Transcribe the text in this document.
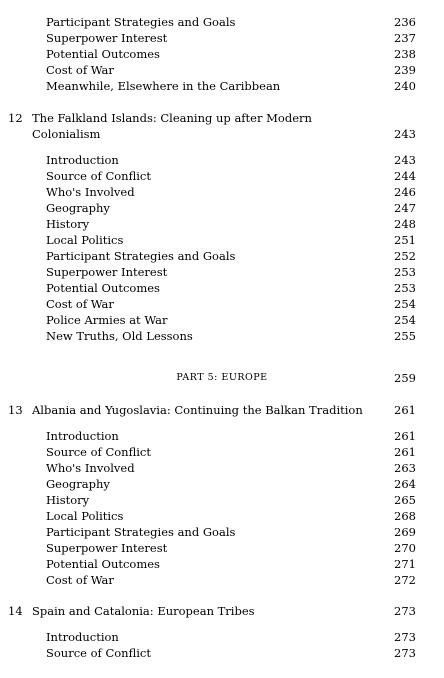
Participant Strategies and Goals	236
Superpower Interest	237
Potential Outcomes	238
Cost of War	239
Meanwhile, Elsewhere in the Caribbean	240
12 The Falkland Islands: Cleaning up after Modern
Colonialism	243
Introduction	243
Source of Conflict	244
Who's Involved	246
Geography	247
History	248
Local Politics	251
Participant Strategies and Goals	252
Superpower Interest	253
Potential Outcomes	253
Cost of War	254
Police Armies at War	254
New Truths, Old Lessons	255
PART 5: EUROPE	259
13 Albania and Yugoslavia: Continuing the Balkan Tradition	261
Introduction	261
Source of Conflict	261
Who's Involved	263
Geography	264
History	265
Local Politics	268
Participant Strategies and Goals	269
Superpower Interest	270
Potential Outcomes	271
Cost of War	272
14 Spain and Catalonia: European Tribes	273
Introduction	273
Source of Conflict	273
